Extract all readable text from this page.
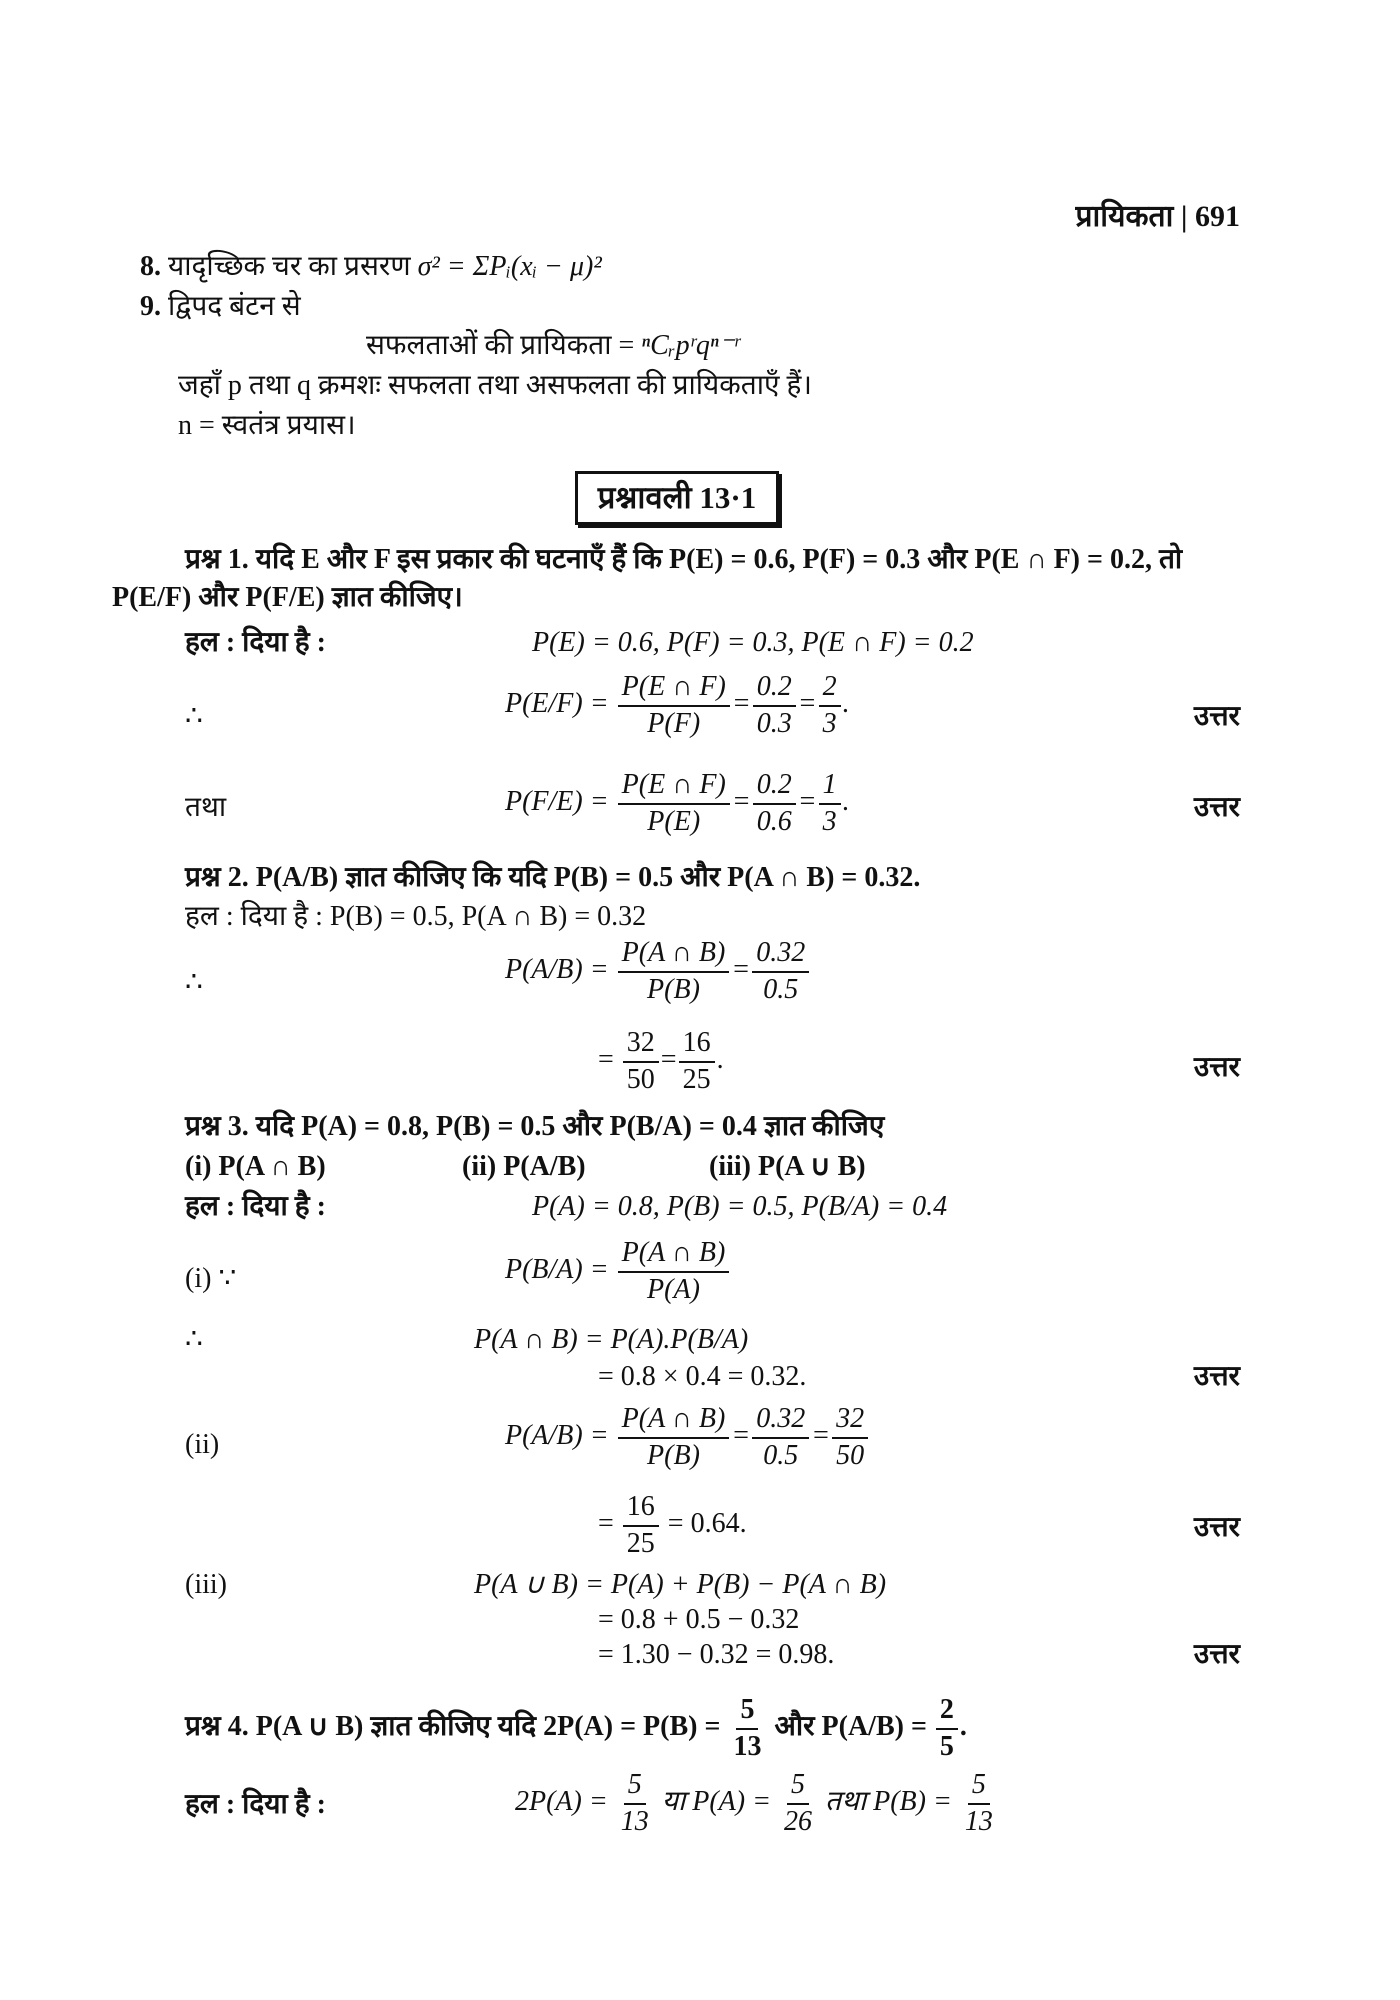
प्रायिकता | 691
8. यादृच्छिक चर का प्रसरण σ² = ΣPᵢ(xᵢ − μ)²
9. द्विपद बंटन से
सफलताओं की प्रायिकता = ⁿCᵣpʳqⁿ⁻ʳ
जहाँ p तथा q क्रमशः सफलता तथा असफलता की प्रायिकताएँ हैं।
n = स्वतंत्र प्रयास।
प्रश्नावली 13·1
प्रश्न 1. यदि E और F इस प्रकार की घटनाएँ हैं कि P(E) = 0.6, P(F) = 0.3 और P(E ∩ F) = 0.2, तो
P(E/F) और P(F/E) ज्ञात कीजिए।
हल : दिया है :	P(E) = 0.6, P(F) = 0.3, P(E ∩ F) = 0.2
∴	$P(E/F) = \frac{P(E \cap F)}{P(F)} = \frac{0.2}{0.3} = \frac{2}{3}$ .	उत्तर
तथा	$P(F/E) = \frac{P(E \cap F)}{P(E)} = \frac{0.2}{0.6} = \frac{1}{3}$ .	उत्तर
प्रश्न 2. P(A/B) ज्ञात कीजिए कि यदि P(B) = 0.5 और P(A ∩ B) = 0.32.
हल : दिया है : P(B) = 0.5, P(A ∩ B) = 0.32
∴	$P(A/B) = \frac{P(A \cap B)}{P(B)} = \frac{0.32}{0.5}$
= $\frac{32}{50} = \frac{16}{25}$ .	उत्तर
प्रश्न 3. यदि P(A) = 0.8, P(B) = 0.5 और P(B/A) = 0.4 ज्ञात कीजिए
(i) P(A ∩ B)	(ii) P(A/B)	(iii) P(A ∪ B)
हल : दिया है :	P(A) = 0.8, P(B) = 0.5, P(B/A) = 0.4
(i) ∵	$P(B/A) = \frac{P(A \cap B)}{P(A)}$
∴	P(A ∩ B) = P(A).P(B/A)
= 0.8 × 0.4 = 0.32.	उत्तर
(ii)	$P(A/B) = \frac{P(A \cap B)}{P(B)} = \frac{0.32}{0.5} = \frac{32}{50}$
= $\frac{16}{25} = 0.64$.	उत्तर
(iii)	P(A ∪ B) = P(A) + P(B) − P(A ∩ B)
= 0.8 + 0.5 − 0.32
= 1.30 − 0.32 = 0.98.	उत्तर
प्रश्न 4. P(A ∪ B) ज्ञात कीजिए यदि $2P(A) = P(B) = \frac{5}{13}$ और $P(A/B) = \frac{2}{5}$ .
हल : दिया है :	$2P(A) = \frac{5}{13}$ या $P(A) = \frac{5}{26}$ तथा $P(B) = \frac{5}{13}$
